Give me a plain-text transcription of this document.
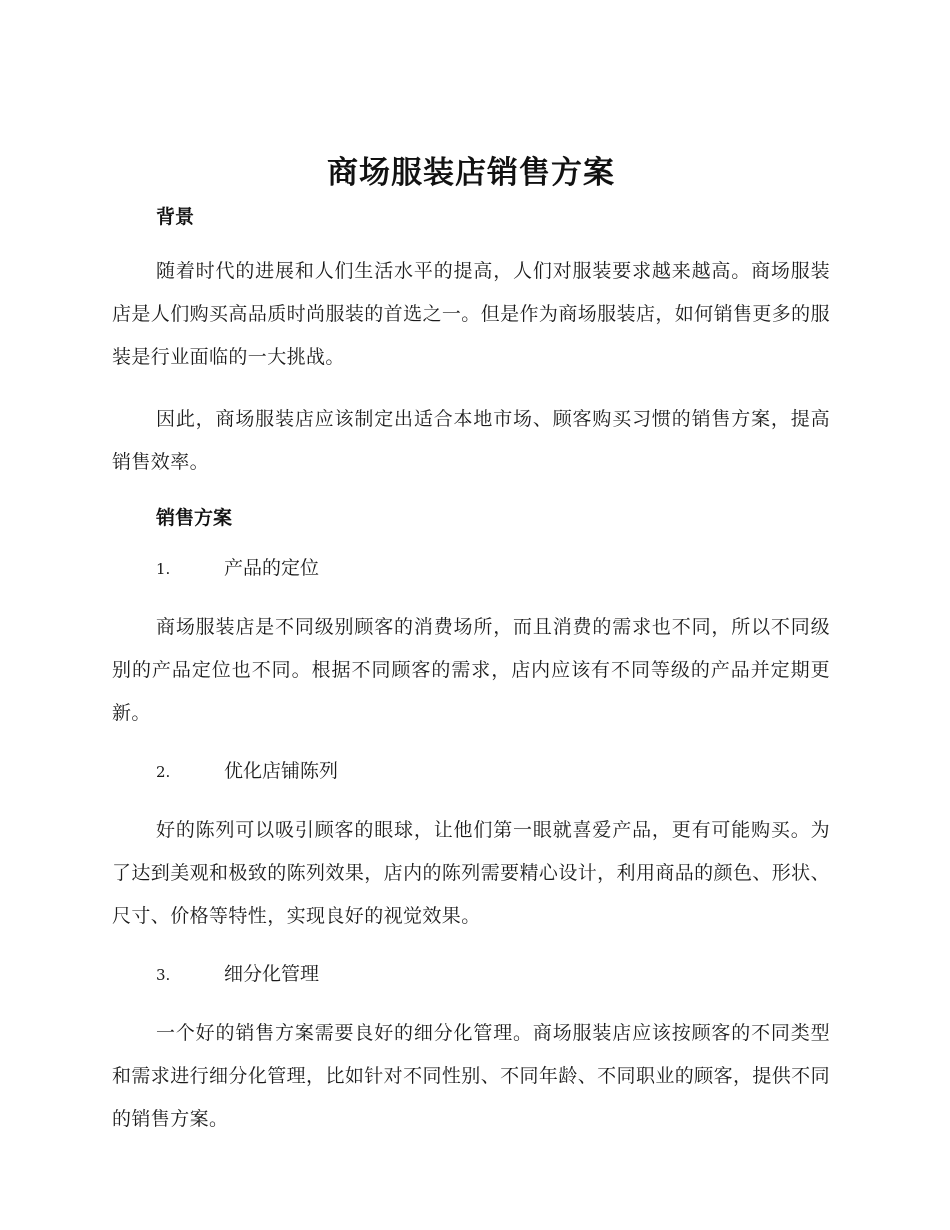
商场服装店销售方案
背景

随着时代的进展和人们生活水平的提高，人们对服装要求越来越高。商场服装店是人们购买高品质时尚服装的首选之一。但是作为商场服装店，如何销售更多的服装是行业面临的一大挑战。

因此，商场服装店应该制定出适合本地市场、顾客购买习惯的销售方案，提高销售效率。

销售方案
1.	产品的定位

商场服装店是不同级别顾客的消费场所，而且消费的需求也不同，所以不同级别的产品定位也不同。根据不同顾客的需求，店内应该有不同等级的产品并定期更新。

2.	优化店铺陈列

好的陈列可以吸引顾客的眼球，让他们第一眼就喜爱产品，更有可能购买。为了达到美观和极致的陈列效果，店内的陈列需要精心设计，利用商品的颜色、形状、尺寸、价格等特性，实现良好的视觉效果。

3.	细分化管理

一个好的销售方案需要良好的细分化管理。商场服装店应该按顾客的不同类型和需求进行细分化管理，比如针对不同性别、不同年龄、不同职业的顾客，提供不同的销售方案。
